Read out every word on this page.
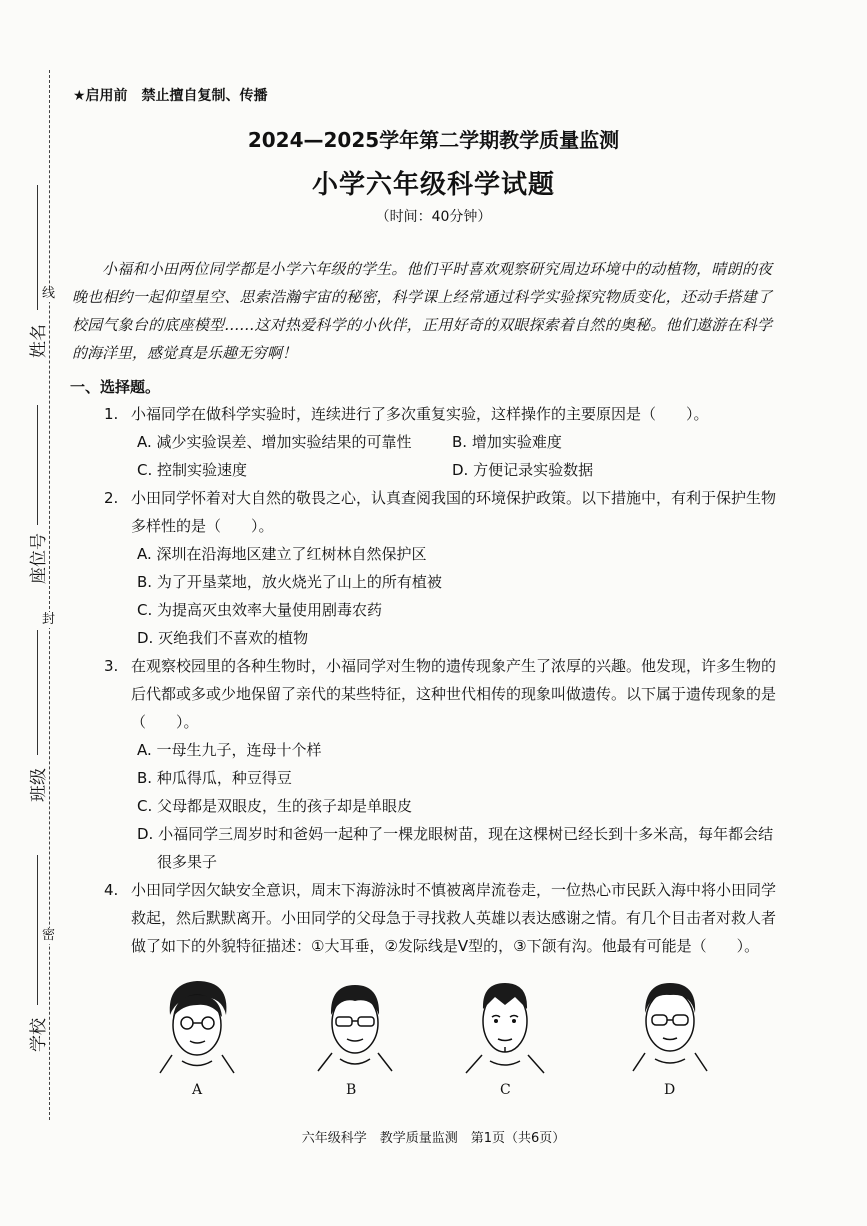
线
封
密
姓名
座位号
班级
学校
★启用前　禁止擅自复制、传播
2024—2025学年第二学期教学质量监测
小学六年级科学试题
（时间：40分钟）
小福和小田两位同学都是小学六年级的学生。他们平时喜欢观察研究周边环境中的动植物，晴朗的夜晚也相约一起仰望星空、思索浩瀚宇宙的秘密，科学课上经常通过科学实验探究物质变化，还动手搭建了校园气象台的底座模型……这对热爱科学的小伙伴，正用好奇的双眼探索着自然的奥秘。他们遨游在科学的海洋里，感觉真是乐趣无穷啊！
一、选择题。
1. 小福同学在做科学实验时，连续进行了多次重复实验，这样操作的主要原因是（　　）。
A. 减少实验误差、增加实验结果的可靠性	B. 增加实验难度
C. 控制实验速度	D. 方便记录实验数据
2. 小田同学怀着对大自然的敬畏之心，认真查阅我国的环境保护政策。以下措施中，有利于保护生物多样性的是（　　）。
A. 深圳在沿海地区建立了红树林自然保护区
B. 为了开垦菜地，放火烧光了山上的所有植被
C. 为提高灭虫效率大量使用剧毒农药
D. 灭绝我们不喜欢的植物
3. 在观察校园里的各种生物时，小福同学对生物的遗传现象产生了浓厚的兴趣。他发现，许多生物的后代都或多或少地保留了亲代的某些特征，这种世代相传的现象叫做遗传。以下属于遗传现象的是（　　）。
A. 一母生九子，连母十个样
B. 种瓜得瓜，种豆得豆
C. 父母都是双眼皮，生的孩子却是单眼皮
D. 小福同学三周岁时和爸妈一起种了一棵龙眼树苗，现在这棵树已经长到十多米高，每年都会结很多果子
4. 小田同学因欠缺安全意识，周末下海游泳时不慎被离岸流卷走，一位热心市民跃入海中将小田同学救起，然后默默离开。小田同学的父母急于寻找救人英雄以表达感谢之情。有几个目击者对救人者做了如下的外貌特征描述：①大耳垂，②发际线是V型的，③下颌有沟。他最有可能是（　　）。
A	B	C	D
六年级科学　教学质量监测　第1页（共6页）
